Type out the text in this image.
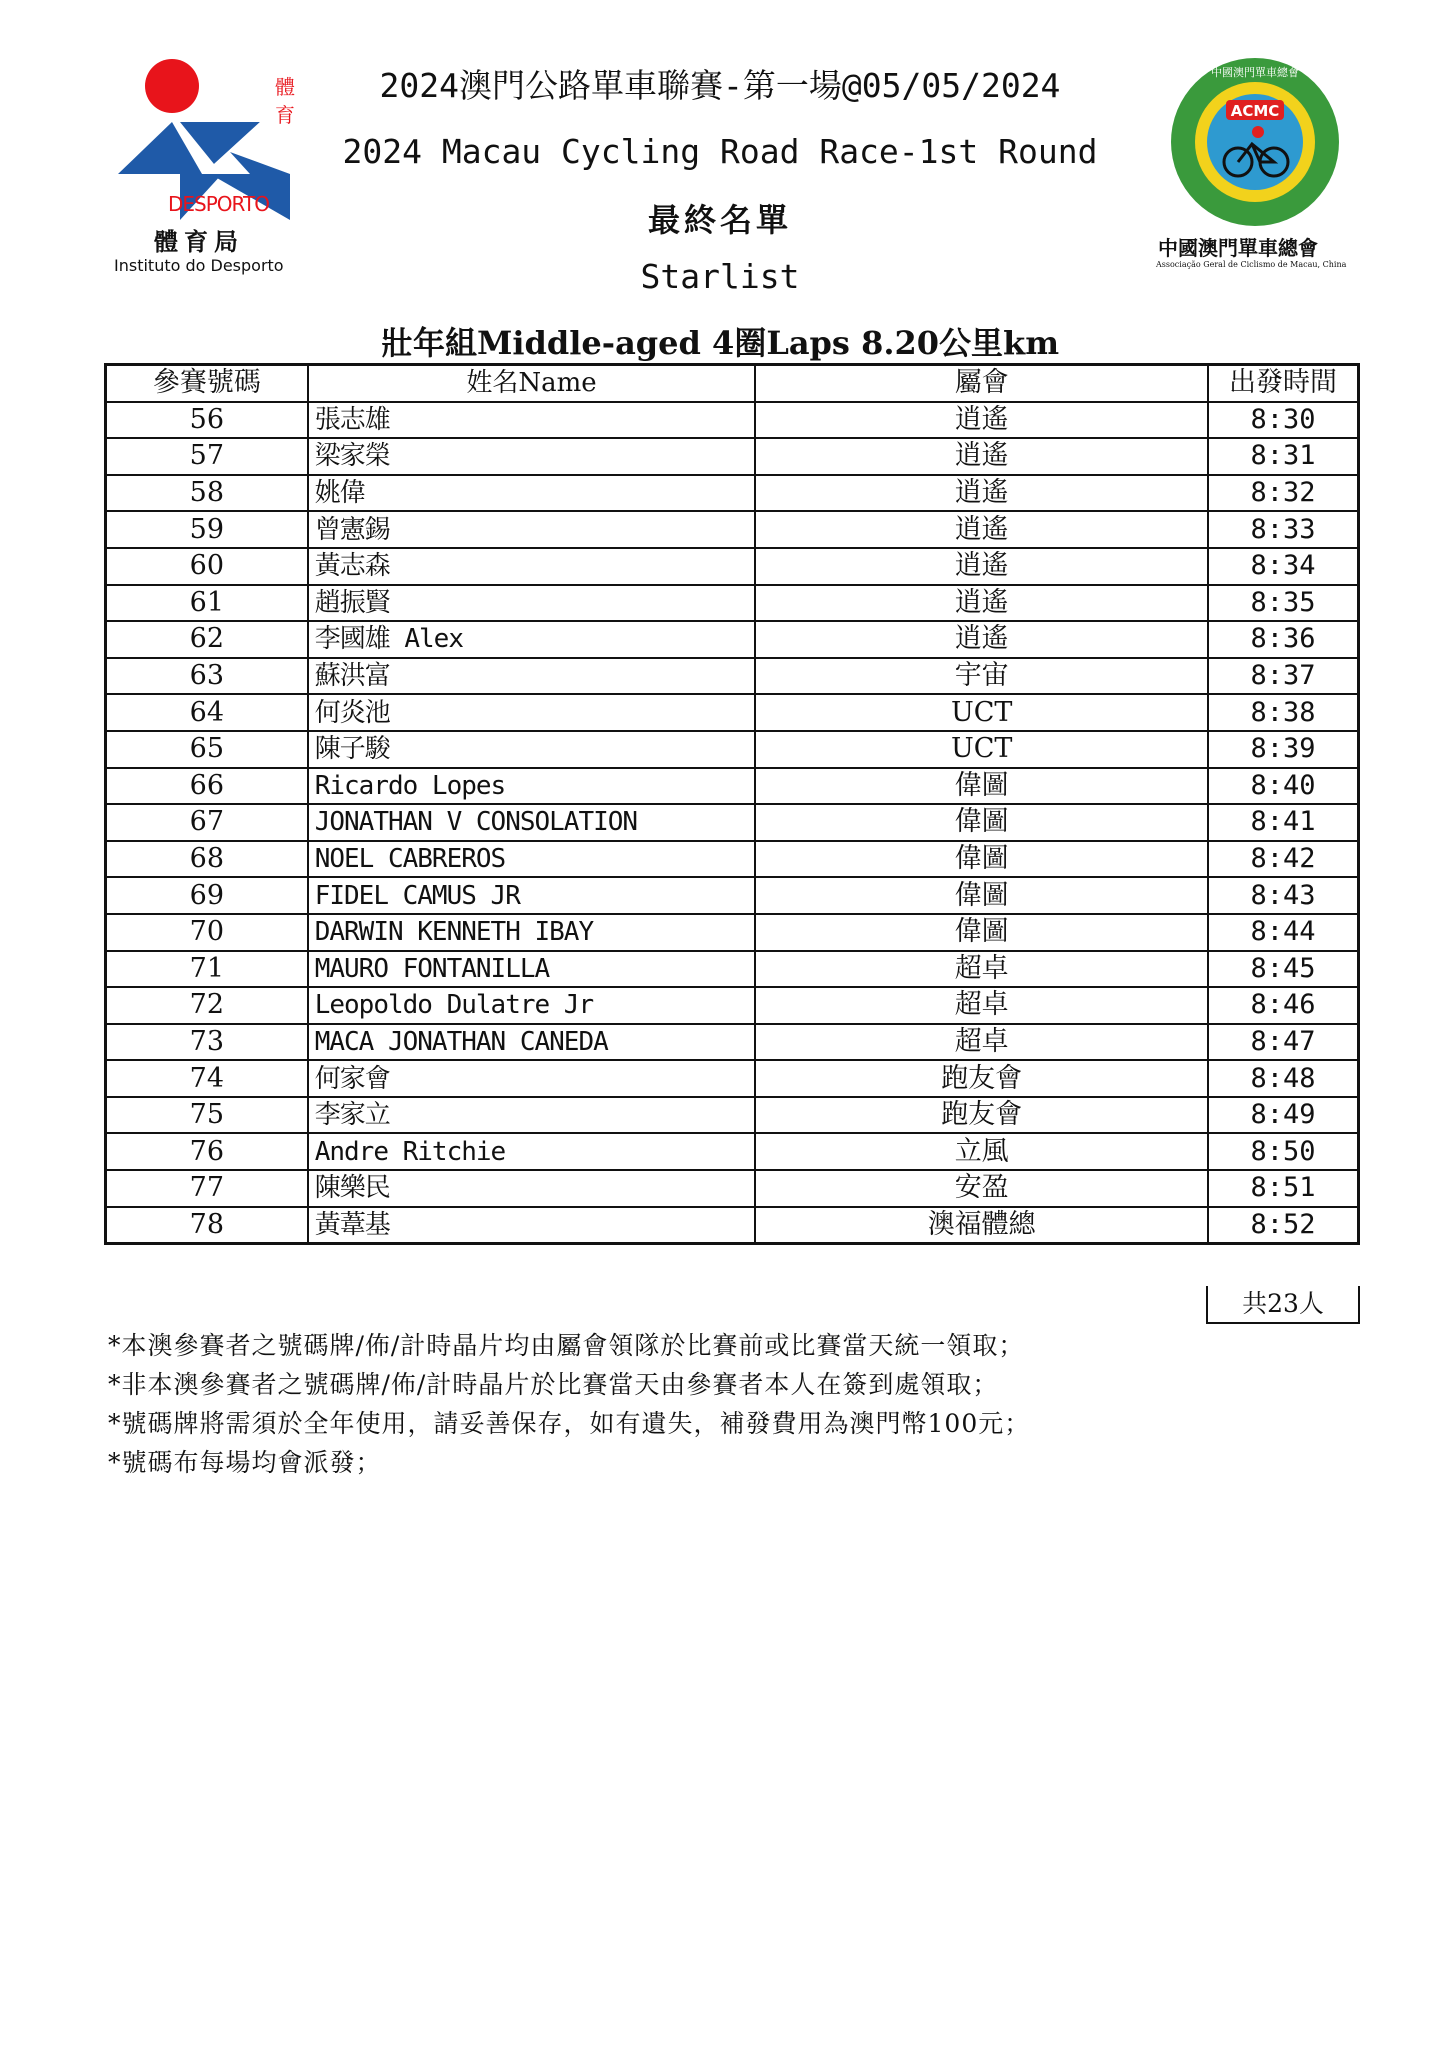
體
育
DESPORTO
體育局
Instituto do Desporto
2024澳門公路單車聯賽-第一場@05/05/2024
2024 Macau Cycling Road Race-1st Round
最終名單
Starlist
ACMC
中國澳門單車總會
中國澳門單車總會
Associação Geral de Ciclismo de Macau, China
壯年組Middle-aged 4圈Laps 8.20公里km
參賽號碼	姓名Name	屬會	出發時間
56	張志雄	逍遙	8:30
57	梁家榮	逍遙	8:31
58	姚偉	逍遙	8:32
59	曾憲錫	逍遙	8:33
60	黃志森	逍遙	8:34
61	趙振賢	逍遙	8:35
62	李國雄 Alex	逍遙	8:36
63	蘇洪富	宇宙	8:37
64	何炎池	UCT	8:38
65	陳子駿	UCT	8:39
66	Ricardo Lopes	偉圖	8:40
67	JONATHAN V CONSOLATION	偉圖	8:41
68	NOEL CABREROS	偉圖	8:42
69	FIDEL CAMUS JR	偉圖	8:43
70	DARWIN KENNETH IBAY	偉圖	8:44
71	MAURO FONTANILLA	超卓	8:45
72	Leopoldo Dulatre Jr	超卓	8:46
73	MACA JONATHAN CANEDA	超卓	8:47
74	何家會	跑友會	8:48
75	李家立	跑友會	8:49
76	Andre Ritchie	立風	8:50
77	陳樂民	安盈	8:51
78	黃葦基	澳福體總	8:52
共23人
*本澳參賽者之號碼牌/佈/計時晶片均由屬會領隊於比賽前或比賽當天統一領取；
*非本澳參賽者之號碼牌/佈/計時晶片於比賽當天由參賽者本人在簽到處領取；
*號碼牌將需須於全年使用，請妥善保存，如有遺失，補發費用為澳門幣100元；
*號碼布每場均會派發；
